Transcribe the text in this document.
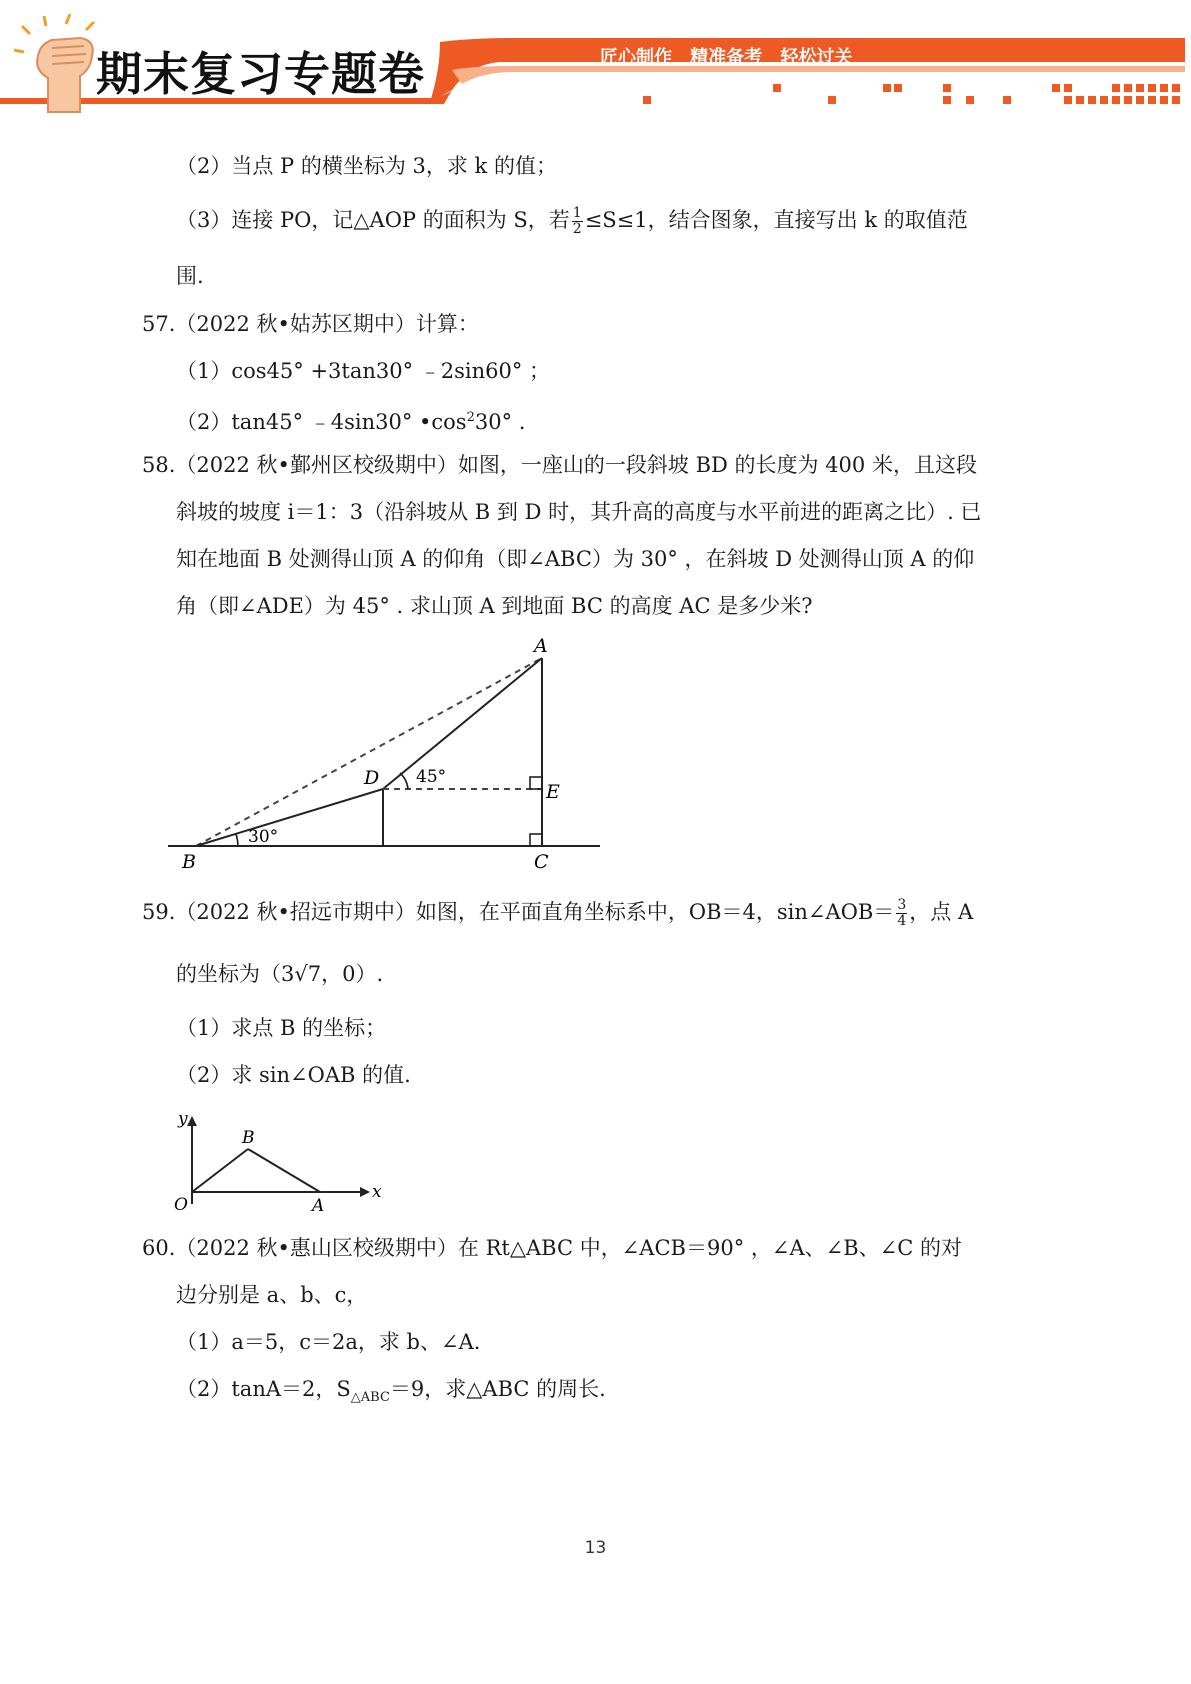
期末复习专题卷	匠心制作 精准备考 轻松过关
（2）当点 P 的横坐标为 3，求 k 的值；
（3）连接 PO，记△AOP 的面积为 S，若 $\frac{1}{2} \le S\le 1$，结合图象，直接写出 k 的取值范
围.
57.（2022 秋•姑苏区期中）计算：
（1）cos45° +3tan30° ﹣2sin60° ；
（2）tan45° ﹣4sin30° $•\cos^230^\circ$ .
58.（2022 秋•鄞州区校级期中）如图，一座山的一段斜坡 BD 的长度为 400 米，且这段
斜坡的坡度 i＝1：3（沿斜坡从 B 到 D 时，其升高的高度与水平前进的距离之比）. 已
知在地面 B 处测得山顶 A 的仰角（即∠ABC）为 30° ，在斜坡 D 处测得山顶 A 的仰
角（即∠ADE）为 45° . 求山顶 A 到地面 BC 的高度 AC 是多少米?
A
B	C
D
E
30°
45°
59.（2022 秋•招远市期中）如图，在平面直角坐标系中，OB＝4，sin∠AOB＝ $\frac{3}{4}$ ，点 A
的坐标为（3√7，0）.
（1）求点 B 的坐标；
（2）求 sin∠OAB 的值.
y
x
O	A
B
60.（2022 秋•惠山区校级期中）在 Rt△ABC 中，∠ACB＝90° ，∠A、∠B、∠C 的对
边分别是 a、b、c，
（1）a＝5，c＝2a，求 b、∠A.
（2）tanA＝2，$S_{\triangle ABC}=9$，求△ABC 的周长.
13
